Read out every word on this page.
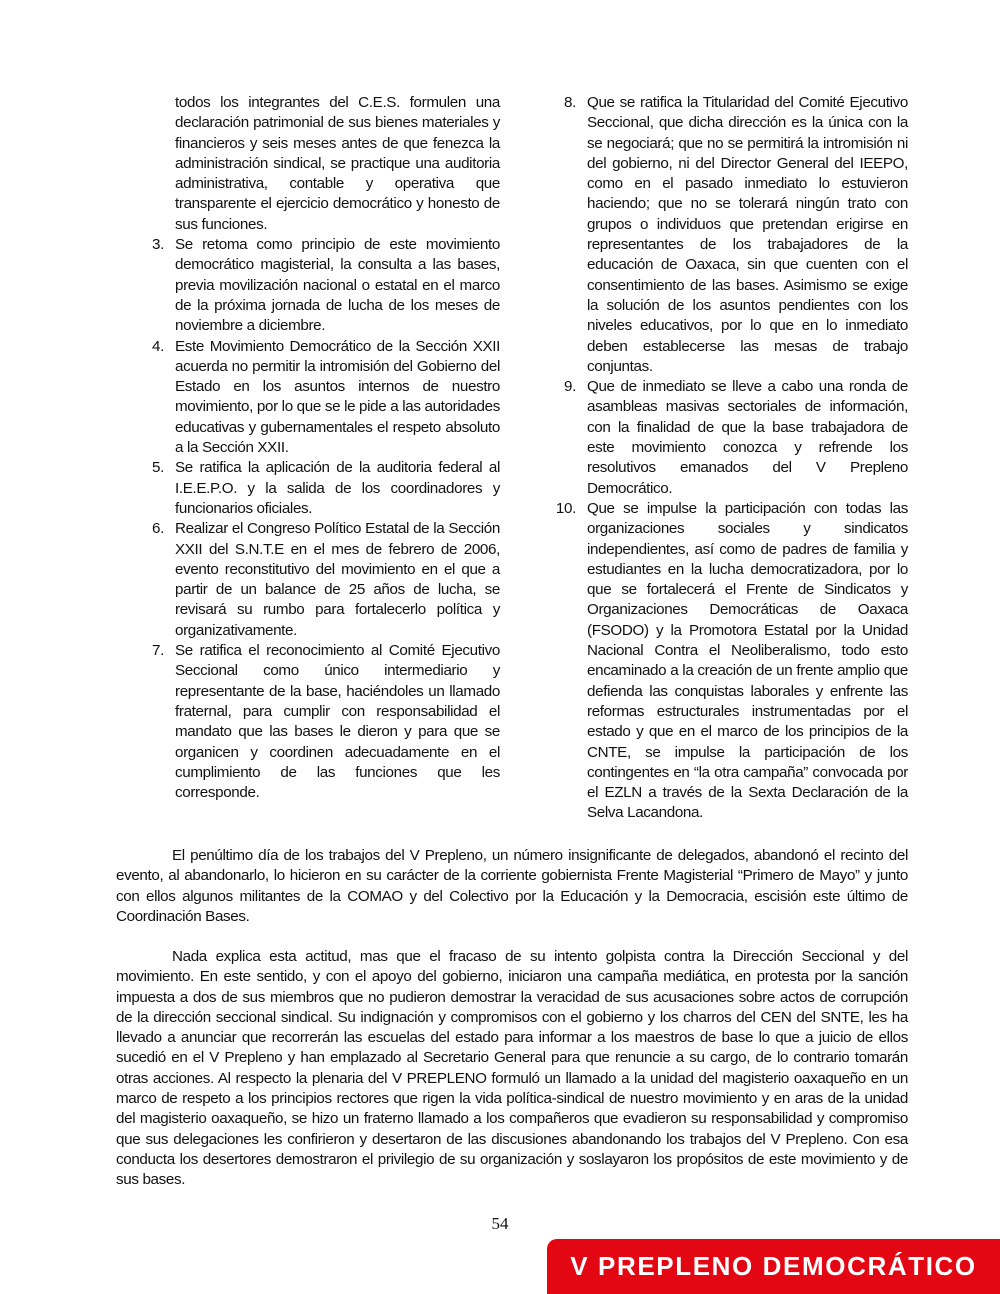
todos los integrantes del C.E.S. formulen una declaración patrimonial de sus bienes materiales y financieros y seis meses antes de que fenezca la administración sindical, se practique una auditoria administrativa, contable y operativa que transparente el ejercicio democrático y honesto de sus funciones.
3. Se retoma como principio de este movimiento democrático magisterial, la consulta a las bases, previa movilización nacional o estatal en el marco de la próxima jornada de lucha de los meses de noviembre a diciembre.
4. Este Movimiento Democrático de la Sección XXII acuerda no permitir la intromisión del Gobierno del Estado en los asuntos internos de nuestro movimiento, por lo que se le pide a las autoridades educativas y gubernamentales el respeto absoluto a la Sección XXII.
5. Se ratifica la aplicación de la auditoria federal al I.E.E.P.O. y la salida de los coordinadores y funcionarios oficiales.
6. Realizar el Congreso Político Estatal de la Sección XXII del S.N.T.E en el mes de febrero de 2006, evento reconstitutivo del movimiento en el que a partir de un balance de 25 años de lucha, se revisará su rumbo para fortalecerlo política y organizativamente.
7. Se ratifica el reconocimiento al Comité Ejecutivo Seccional como único intermediario y representante de la base, haciéndoles un llamado fraternal, para cumplir con responsabilidad el mandato que las bases le dieron y para que se organicen y coordinen adecuadamente en el cumplimiento de las funciones que les corresponde.
8. Que se ratifica la Titularidad del Comité Ejecutivo Seccional, que dicha dirección es la única con la se negociará; que no se permitirá la intromisión ni del gobierno, ni del Director General del IEEPO, como en el pasado inmediato lo estuvieron haciendo; que no se tolerará ningún trato con grupos o individuos que pretendan erigirse en representantes de los trabajadores de la educación de Oaxaca, sin que cuenten con el consentimiento de las bases. Asimismo se exige la solución de los asuntos pendientes con los niveles educativos, por lo que en lo inmediato deben establecerse las mesas de trabajo conjuntas.
9. Que de inmediato se lleve a cabo una ronda de asambleas masivas sectoriales de información, con la finalidad de que la base trabajadora de este movimiento conozca y refrende los resolutivos emanados del V Prepleno Democrático.
10. Que se impulse la participación con todas las organizaciones sociales y sindicatos independientes, así como de padres de familia y estudiantes en la lucha democratizadora, por lo que se fortalecerá el Frente de Sindicatos y Organizaciones Democráticas de Oaxaca (FSODO) y la Promotora Estatal por la Unidad Nacional Contra el Neoliberalismo, todo esto encaminado a la creación de un frente amplio que defienda las conquistas laborales y enfrente las reformas estructurales instrumentadas por el estado y que en el marco de los principios de la CNTE, se impulse la participación de los contingentes en “la otra campaña” convocada por el EZLN a través de la Sexta Declaración de la Selva Lacandona.

El penúltimo día de los trabajos del V Prepleno, un número insignificante de delegados, abandonó el recinto del evento, al abandonarlo, lo hicieron en su carácter de la corriente gobiernista Frente Magisterial “Primero de Mayo” y junto con ellos algunos militantes de la COMAO y del Colectivo por la Educación y la Democracia, escisión este último de Coordinación Bases.

Nada explica esta actitud, mas que el fracaso de su intento golpista contra la Dirección Seccional y del movimiento. En este sentido, y con el apoyo del gobierno, iniciaron una campaña mediática, en protesta por la sanción impuesta a dos de sus miembros que no pudieron demostrar la veracidad de sus acusaciones sobre actos de corrupción de la dirección seccional sindical. Su indignación y compromisos con el gobierno y los charros del CEN del SNTE, les ha llevado a anunciar que recorrerán las escuelas del estado para informar a los maestros de base lo que a juicio de ellos sucedió en el V Prepleno y han emplazado al Secretario General para que renuncie a su cargo, de lo contrario tomarán otras acciones. Al respecto la plenaria del V PREPLENO formuló un llamado a la unidad del magisterio oaxaqueño en un marco de respeto a los principios rectores que rigen la vida política-sindical de nuestro movimiento y en aras de la unidad del magisterio oaxaqueño, se hizo un fraterno llamado a los compañeros que evadieron su responsabilidad y compromiso que sus delegaciones les confirieron y desertaron de las discusiones abandonando los trabajos del V Prepleno. Con esa conducta los desertores demostraron el privilegio de su organización y soslayaron los propósitos de este movimiento y de sus bases.

54
V PREPLENO DEMOCRÁTICO
